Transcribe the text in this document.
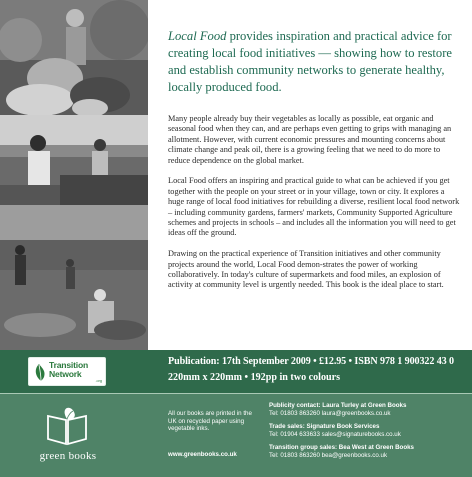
Local Food provides inspiration and practical advice for creating local food initiatives — showing how to restore and establish community networks to generate healthy, locally produced food.

Many people already buy their vegetables as locally as possible, eat organic and seasonal food when they can, and are perhaps even getting to grips with managing an allotment. However, with current economic pressures and mounting concerns about climate change and peak oil, there is a growing feeling that we need to do more to reduce dependence on the global market.

Local Food offers an inspiring and practical guide to what can be achieved if you get together with the people on your street or in your village, town or city. It explores a huge range of local food initiatives for rebuilding a diverse, resilient local food network – including community gardens, farmers' markets, Community Supported Agriculture schemes and projects in schools – and includes all the information you will need to get ideas off the ground.

Drawing on the practical experience of Transition initiatives and other community projects around the world, Local Food demon-strates the power of working collaboratively. In today's culture of supermarkets and food miles, an explosion of activity at community level is urgently needed. This book is the ideal place to start.

Transition
Network
.org
Publication: 17th September 2009 • £12.95 • ISBN 978 1 900322 43 0
220mm x 220mm • 192pp in two colours
green books
All our books are printed in the UK on recycled paper using vegetable inks.
www.greenbooks.co.uk
Publicity contact: Laura Turley at Green Books
Tel: 01803 863260 laura@greenbooks.co.uk
Trade sales: Signature Book Services
Tel: 01904 633633 sales@signaturebooks.co.uk
Transition group sales: Bea West at Green Books
Tel: 01803 863260 bea@greenbooks.co.uk
